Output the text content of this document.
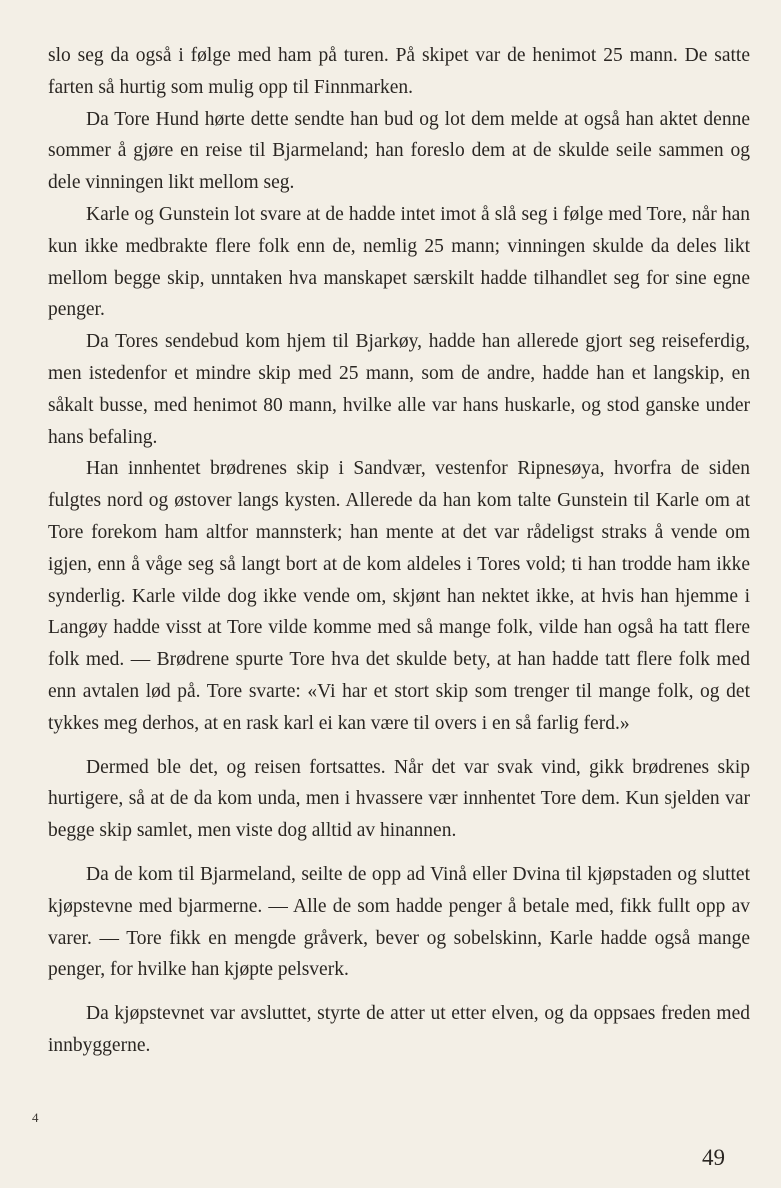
slo seg da også i følge med ham på turen. På skipet var de henimot 25 mann. De satte farten så hurtig som mulig opp til Finnmarken.

Da Tore Hund hørte dette sendte han bud og lot dem melde at også han aktet denne sommer å gjøre en reise til Bjarmeland; han foreslo dem at de skulde seile sammen og dele vinningen likt mellom seg.

Karle og Gunstein lot svare at de hadde intet imot å slå seg i følge med Tore, når han kun ikke medbrakte flere folk enn de, nemlig 25 mann; vinningen skulde da deles likt mellom begge skip, unntaken hva manskapet særskilt hadde tilhandlet seg for sine egne penger.

Da Tores sendebud kom hjem til Bjarkøy, hadde han allerede gjort seg reiseferdig, men istedenfor et mindre skip med 25 mann, som de andre, hadde han et langskip, en såkalt busse, med henimot 80 mann, hvilke alle var hans huskarle, og stod ganske under hans befaling.

Han innhentet brødrenes skip i Sandvær, vestenfor Ripnesøya, hvorfra de siden fulgtes nord og østover langs kysten. Allerede da han kom talte Gunstein til Karle om at Tore forekom ham altfor mannsterk; han mente at det var rådeligst straks å vende om igjen, enn å våge seg så langt bort at de kom aldeles i Tores vold; ti han trodde ham ikke synderlig. Karle vilde dog ikke vende om, skjønt han nektet ikke, at hvis han hjemme i Langøy hadde visst at Tore vilde komme med så mange folk, vilde han også ha tatt flere folk med. — Brødrene spurte Tore hva det skulde bety, at han hadde tatt flere folk med enn avtalen lød på. Tore svarte: «Vi har et stort skip som trenger til mange folk, og det tykkes meg derhos, at en rask karl ei kan være til overs i en så farlig ferd.»

Dermed ble det, og reisen fortsattes. Når det var svak vind, gikk brødrenes skip hurtigere, så at de da kom unda, men i hvassere vær innhentet Tore dem. Kun sjelden var begge skip samlet, men viste dog alltid av hinannen.

Da de kom til Bjarmeland, seilte de opp ad Vinå eller Dvina til kjøpstaden og sluttet kjøpstevne med bjarmerne. — Alle de som hadde penger å betale med, fikk fullt opp av varer. — Tore fikk en mengde gråverk, bever og sobelskinn, Karle hadde også mange penger, for hvilke han kjøpte pelsverk.

Da kjøpstevnet var avsluttet, styrte de atter ut etter elven, og da oppsaes freden med innbyggerne.

4
49
